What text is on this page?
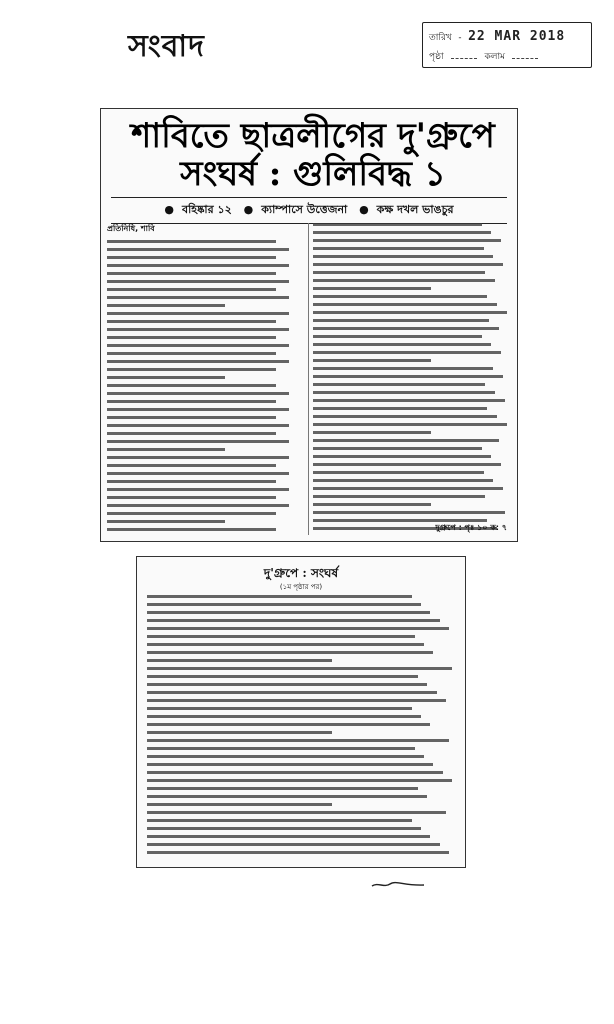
সংবাদ	তারিখ - 22 MAR 2018
পৃষ্ঠা	কলাম
শাবিতে ছাত্রলীগের দু'গ্রুপে
সংঘর্ষ : গুলিবিদ্ধ ১
● বহিষ্কার ১২ ● ক্যাম্পাসে উত্তেজনা ● কক্ষ দখল ভাঙচুর
প্রতিনিধি, শাবি
দুগ্রুপে : পৃঃ ১০ ক: ৭
দু'গ্রুপে : সংঘর্ষ
(১ম পৃষ্ঠার পর)
